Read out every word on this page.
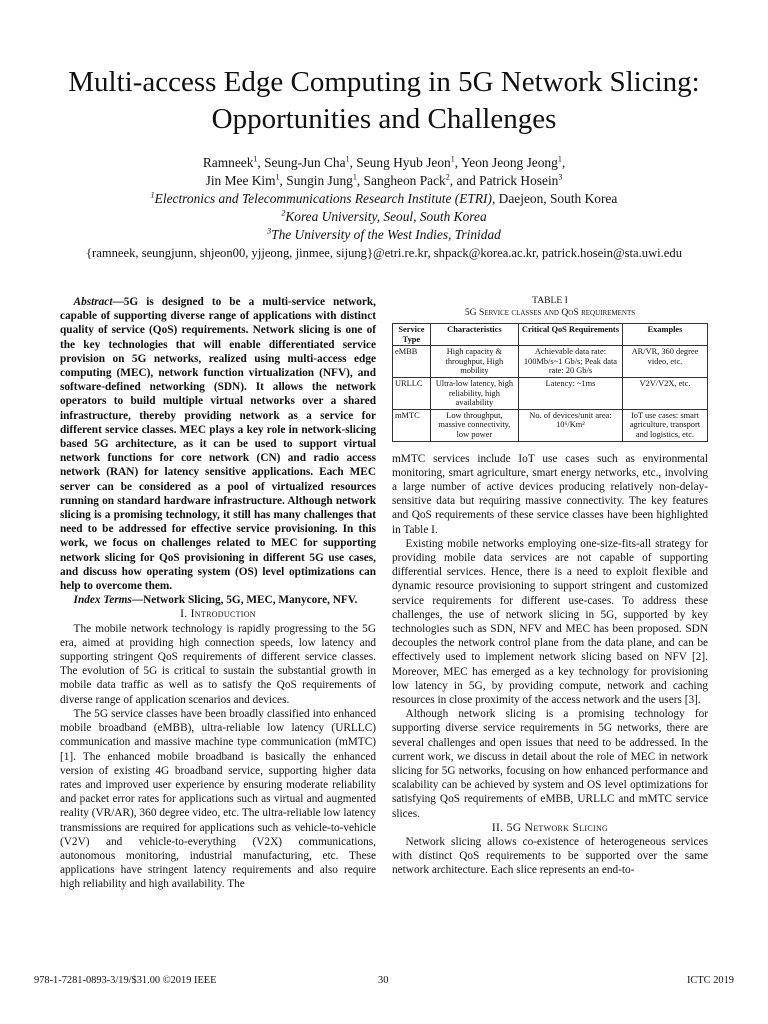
Multi-access Edge Computing in 5G Network Slicing: Opportunities and Challenges

Ramneek$^1$, Seung-Jun Cha$^1$, Seung Hyub Jeon$^1$, Yeon Jeong Jeong$^1$,

Jin Mee Kim$^1$, Sungin Jung$^1$, Sangheon Pack$^2$, and Patrick Hosein$^3$

$^1$Electronics and Telecommunications Research Institute (ETRI), Daejeon, South Korea

$^2$Korea University, Seoul, South Korea

$^3$The University of the West Indies, Trinidad

{ramneek, seungjunn, shjeon00, yjjeong, jinmee, sijung}@etri.re.kr, shpack@korea.ac.kr, patrick.hosein@sta.uwi.edu

Abstract—5G is designed to be a multi-service network, capable of supporting diverse range of applications with distinct quality of service (QoS) requirements. Network slicing is one of the key technologies that will enable differentiated service provision on 5G networks, realized using multi-access edge computing (MEC), network function virtualization (NFV), and software-defined networking (SDN). It allows the network operators to build multiple virtual networks over a shared infrastructure, thereby providing network as a service for different service classes. MEC plays a key role in network-slicing based 5G architecture, as it can be used to support virtual network functions for core network (CN) and radio access network (RAN) for latency sensitive applications. Each MEC server can be considered as a pool of virtualized resources running on standard hardware infrastructure. Although network slicing is a promising technology, it still has many challenges that need to be addressed for effective service provisioning. In this work, we focus on challenges related to MEC for supporting network slicing for QoS provisioning in different 5G use cases, and discuss how operating system (OS) level optimizations can help to overcome them.

Index Terms—Network Slicing, 5G, MEC, Manycore, NFV.

I. Introduction

The mobile network technology is rapidly progressing to the 5G era, aimed at providing high connection speeds, low latency and supporting stringent QoS requirements of different service classes. The evolution of 5G is critical to sustain the substantial growth in mobile data traffic as well as to satisfy the QoS requirements of diverse range of application scenarios and devices.

The 5G service classes have been broadly classified into enhanced mobile broadband (eMBB), ultra-reliable low latency (URLLC) communication and massive machine type communication (mMTC) [1]. The enhanced mobile broadband is basically the enhanced version of existing 4G broadband service, supporting higher data rates and improved user experience by ensuring moderate reliability and packet error rates for applications such as virtual and augmented reality (VR/AR), 360 degree video, etc. The ultra-reliable low latency transmissions are required for applications such as vehicle-to-vehicle (V2V) and vehicle-to-everything (V2X) communications, autonomous monitoring, industrial manufacturing, etc. These applications have stringent latency requirements and also require high reliability and high availability. The

TABLE I

5G Service classes and QoS requirements

Service Type	Characteristics	Critical QoS Requirements	Examples
eMBB	High capacity & throughput, High mobility	Achievable data rate: 100Mb/s~1 Gb/s; Peak data rate: 20 Gb/s	AR/VR, 360 degree video, etc.
URLLC	Ultra-low latency, high reliability, high availability	Latency: ~1ms	V2V/V2X, etc.
mMTC	Low throughput, massive connectivity, low power	No. of devices/unit area: 10⁶/Km²	IoT use cases: smart agriculture, transport and logistics, etc.

mMTC services include IoT use cases such as environmental monitoring, smart agriculture, smart energy networks, etc., involving a large number of active devices producing relatively non-delay-sensitive data but requiring massive connectivity. The key features and QoS requirements of these service classes have been highlighted in Table I.

Existing mobile networks employing one-size-fits-all strategy for providing mobile data services are not capable of supporting differential services. Hence, there is a need to exploit flexible and dynamic resource provisioning to support stringent and customized service requirements for different use-cases. To address these challenges, the use of network slicing in 5G, supported by key technologies such as SDN, NFV and MEC has been proposed. SDN decouples the network control plane from the data plane, and can be effectively used to implement network slicing based on NFV [2]. Moreover, MEC has emerged as a key technology for provisioning low latency in 5G, by providing compute, network and caching resources in close proximity of the access network and the users [3].

Although network slicing is a promising technology for supporting diverse service requirements in 5G networks, there are several challenges and open issues that need to be addressed. In the current work, we discuss in detail about the role of MEC in network slicing for 5G networks, focusing on how enhanced performance and scalability can be achieved by system and OS level optimizations for satisfying QoS requirements of eMBB, URLLC and mMTC service slices.

II. 5G Network Slicing

Network slicing allows co-existence of heterogeneous services with distinct QoS requirements to be supported over the same network architecture. Each slice represents an end-to-

978-1-7281-0893-3/19/$31.00 ©2019 IEEE	30	ICTC 2019
